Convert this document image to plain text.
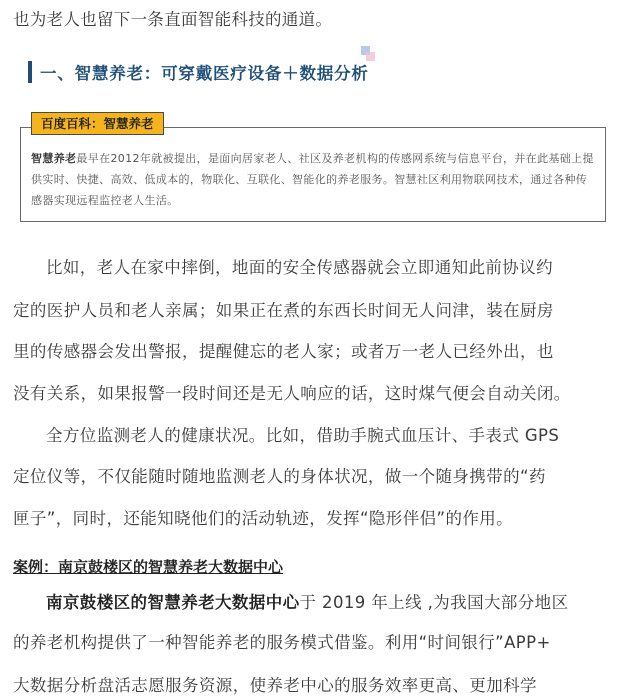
也为老人也留下一条直面智能科技的通道。
一、智慧养老：可穿戴医疗设备＋数据分析
智慧养老最早在2012年就被提出，是面向居家老人、社区及养老机构的传感网系统与信息平台，并在此基础上提供实时、快捷、高效、低成本的，物联化、互联化、智能化的养老服务。智慧社区利用物联网技术，通过各种传感器实现远程监控老人生活。
百度百科：智慧养老
比如，老人在家中摔倒，地面的安全传感器就会立即通知此前协议约
定的医护人员和老人亲属；如果正在煮的东西长时间无人问津，装在厨房
里的传感器会发出警报，提醒健忘的老人家；或者万一老人已经外出，也
没有关系，如果报警一段时间还是无人响应的话，这时煤气便会自动关闭。
全方位监测老人的健康状况。比如，借助手腕式血压计、手表式 GPS
定位仪等，不仅能随时随地监测老人的身体状况，做一个随身携带的“药
匣子”，同时，还能知晓他们的活动轨迹，发挥“隐形伴侣”的作用。
案例：南京鼓楼区的智慧养老大数据中心
南京鼓楼区的智慧养老大数据中心于 2019 年上线 ,为我国大部分地区
的养老机构提供了一种智能养老的服务模式借鉴。利用“时间银行”APP+
大数据分析盘活志愿服务资源，使养老中心的服务效率更高、更加科学
